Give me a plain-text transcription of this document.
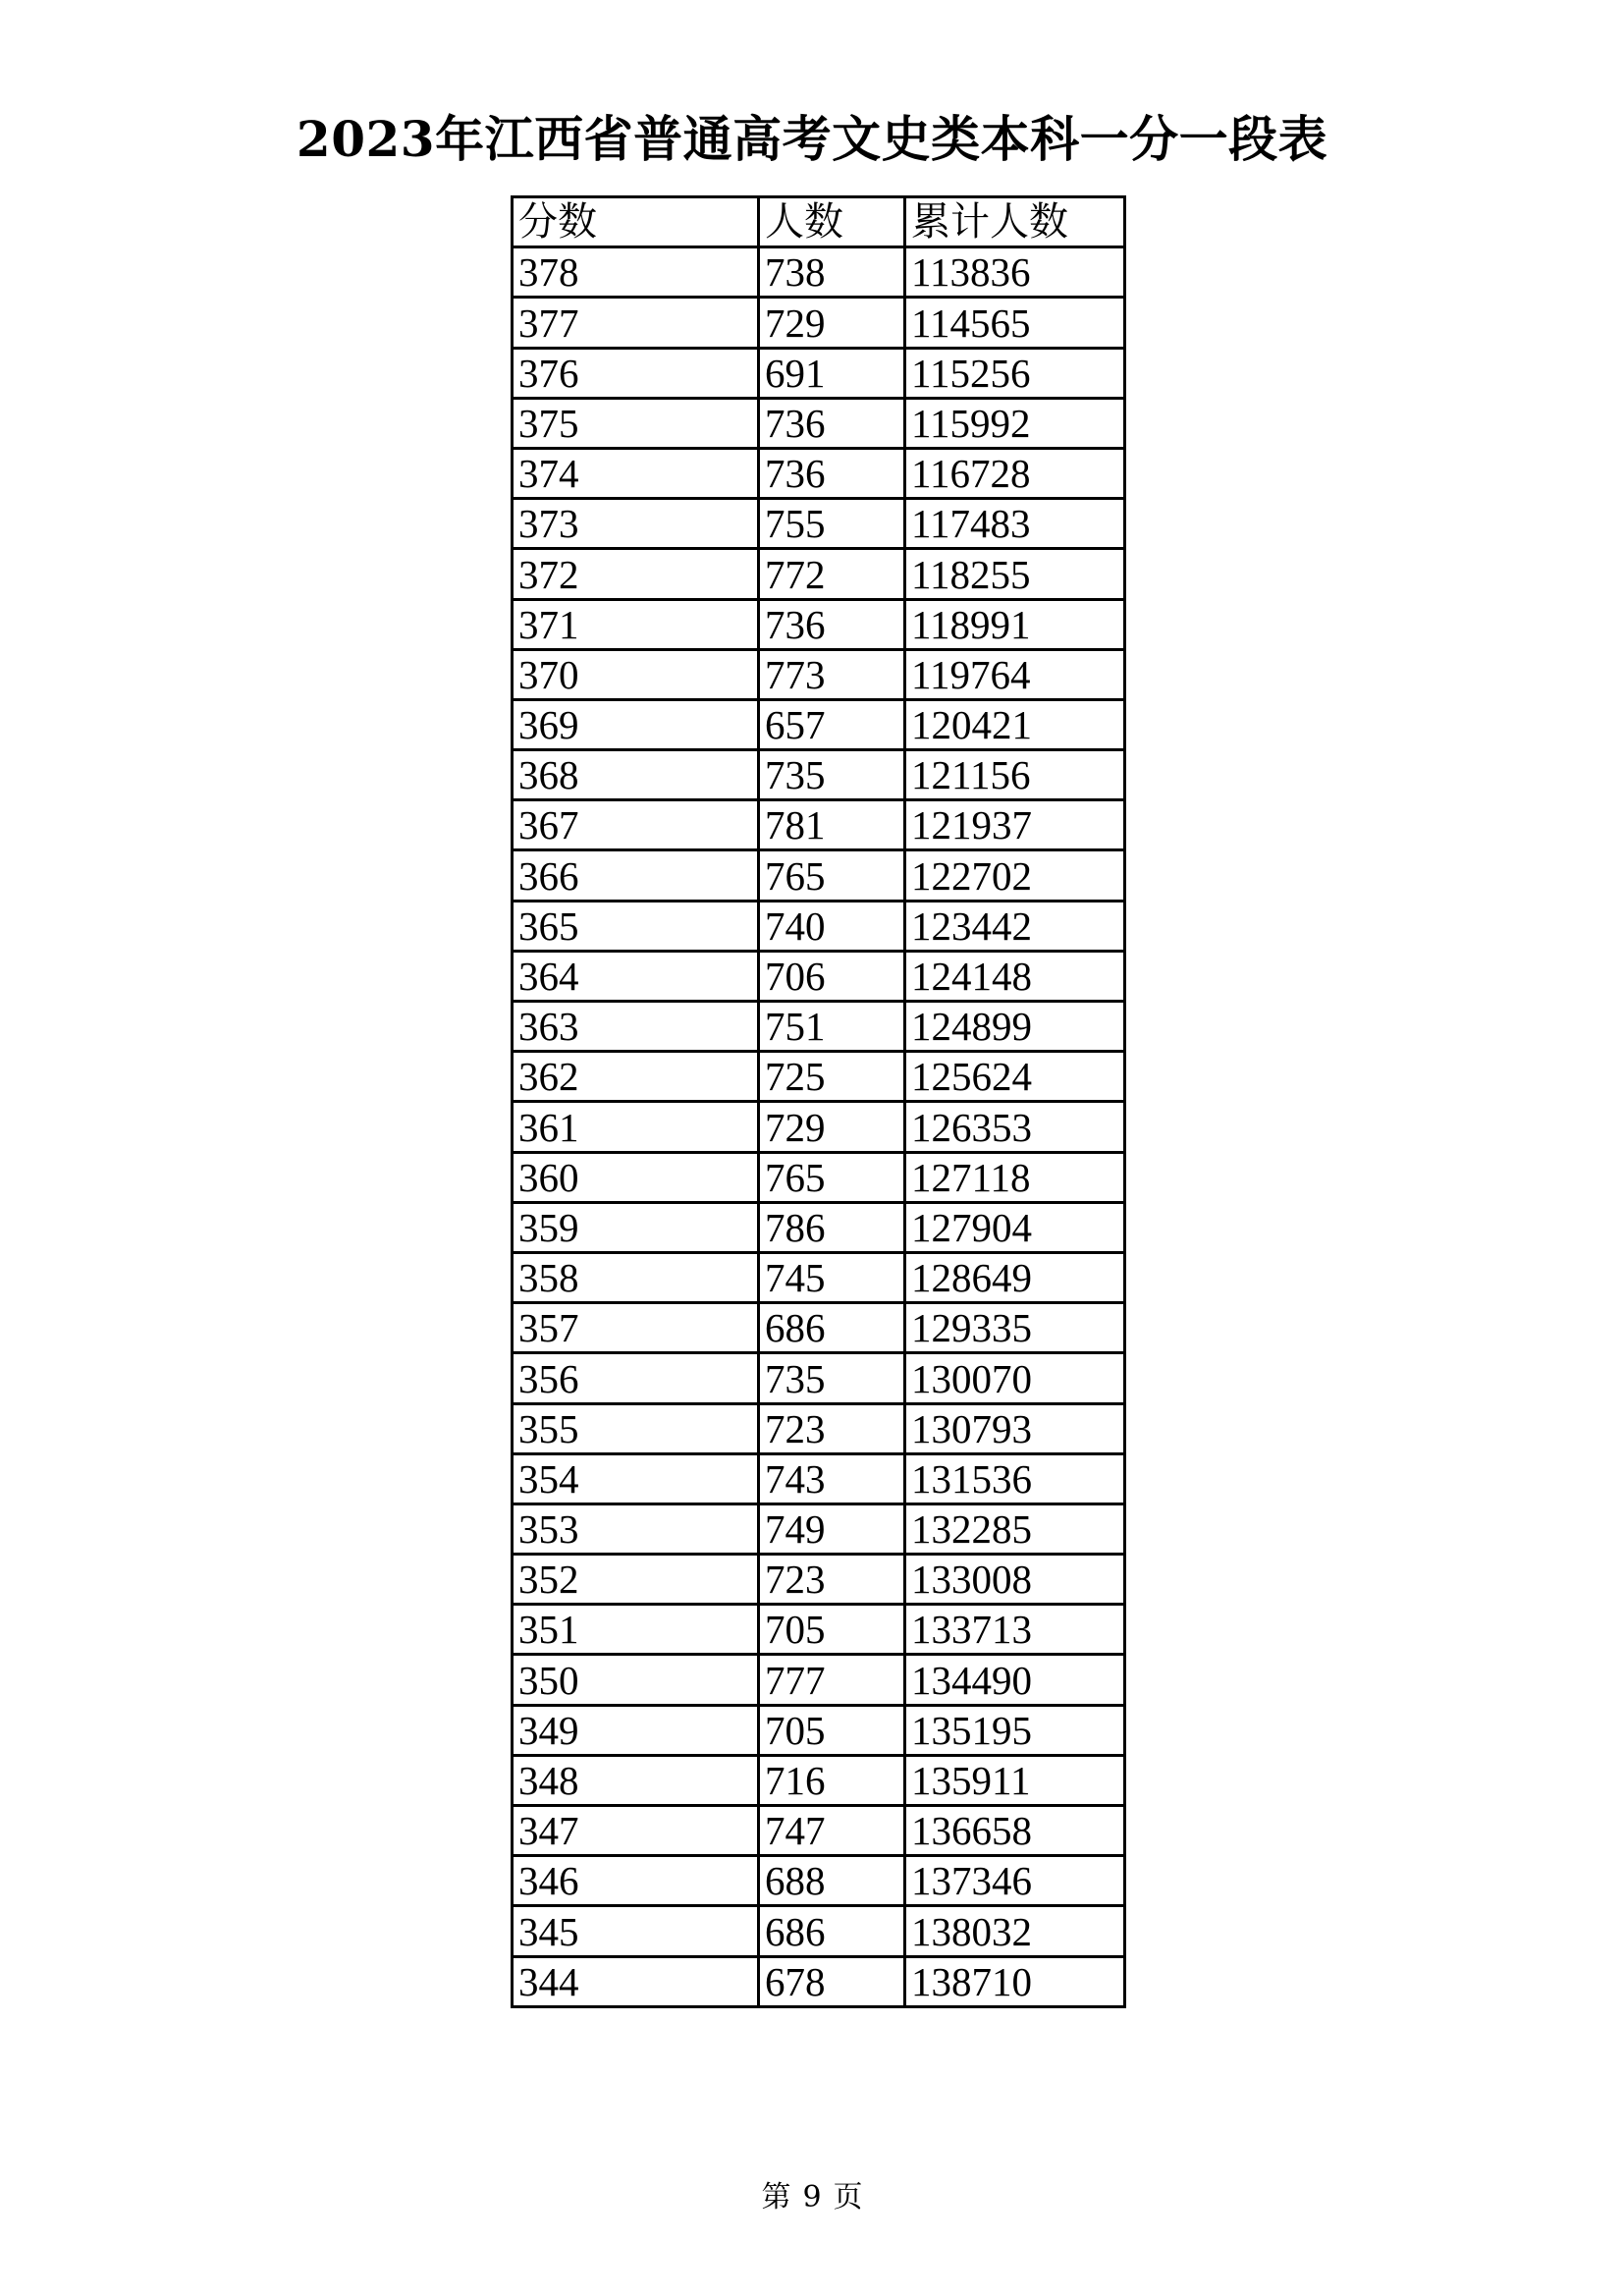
2023年江西省普通高考文史类本科一分一段表
分数	人数	累计人数
378	738	113836
377	729	114565
376	691	115256
375	736	115992
374	736	116728
373	755	117483
372	772	118255
371	736	118991
370	773	119764
369	657	120421
368	735	121156
367	781	121937
366	765	122702
365	740	123442
364	706	124148
363	751	124899
362	725	125624
361	729	126353
360	765	127118
359	786	127904
358	745	128649
357	686	129335
356	735	130070
355	723	130793
354	743	131536
353	749	132285
352	723	133008
351	705	133713
350	777	134490
349	705	135195
348	716	135911
347	747	136658
346	688	137346
345	686	138032
344	678	138710
第 9 页
